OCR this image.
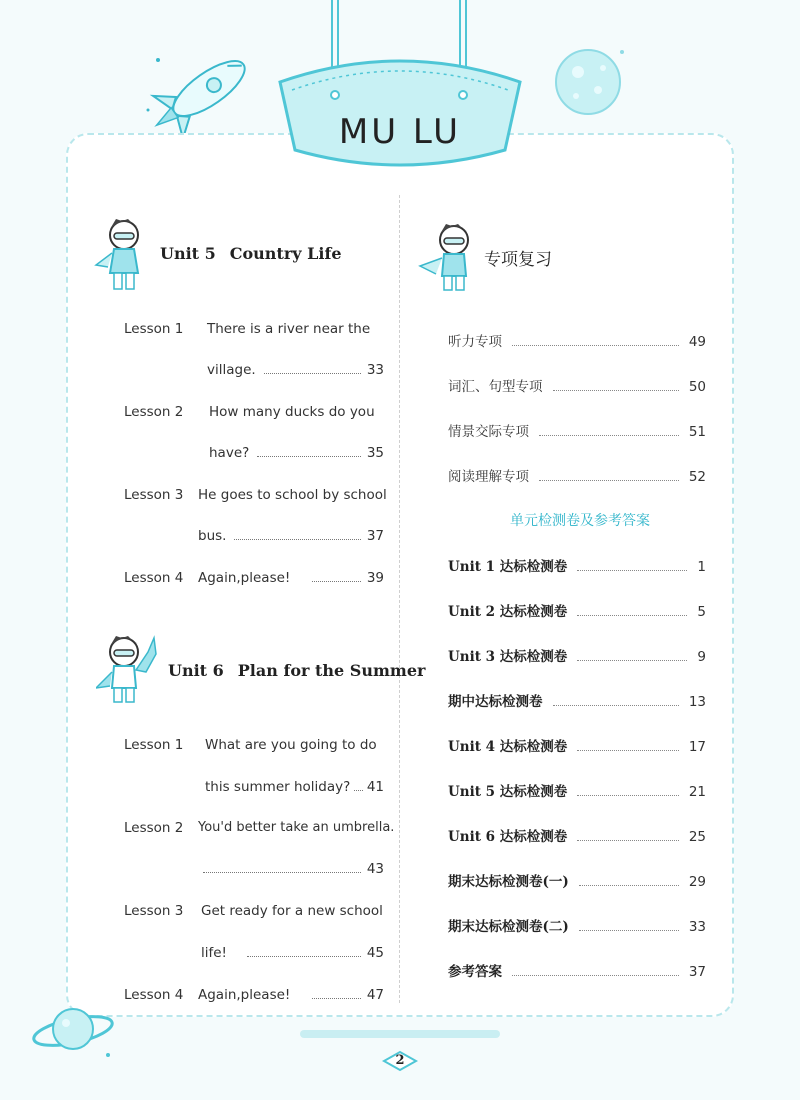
MU LU
Unit 5 Country Life
Lesson 1 There is a river near the
village.	33
Lesson 2 How many ducks do you
have?	35
Lesson 3 He goes to school by school
bus.	37
Lesson 4 Again,please!	39
Unit 6 Plan for the Summer
Lesson 1 What are you going to do
this summer holiday? 41
Lesson 2 You'd better take an umbrella.
43
Lesson 3 Get ready for a new school
life!	45
Lesson 4 Again,please!	47
专项复习
听力专项	49
词汇、句型专项	50
情景交际专项	51
阅读理解专项	52
单元检测卷及参考答案
Unit 1 达标检测卷	1
Unit 2 达标检测卷	5
Unit 3 达标检测卷	9
期中达标检测卷	13
Unit 4 达标检测卷	17
Unit 5 达标检测卷	21
Unit 6 达标检测卷	25
期末达标检测卷(一)	29
期末达标检测卷(二)	33
参考答案	37
2
